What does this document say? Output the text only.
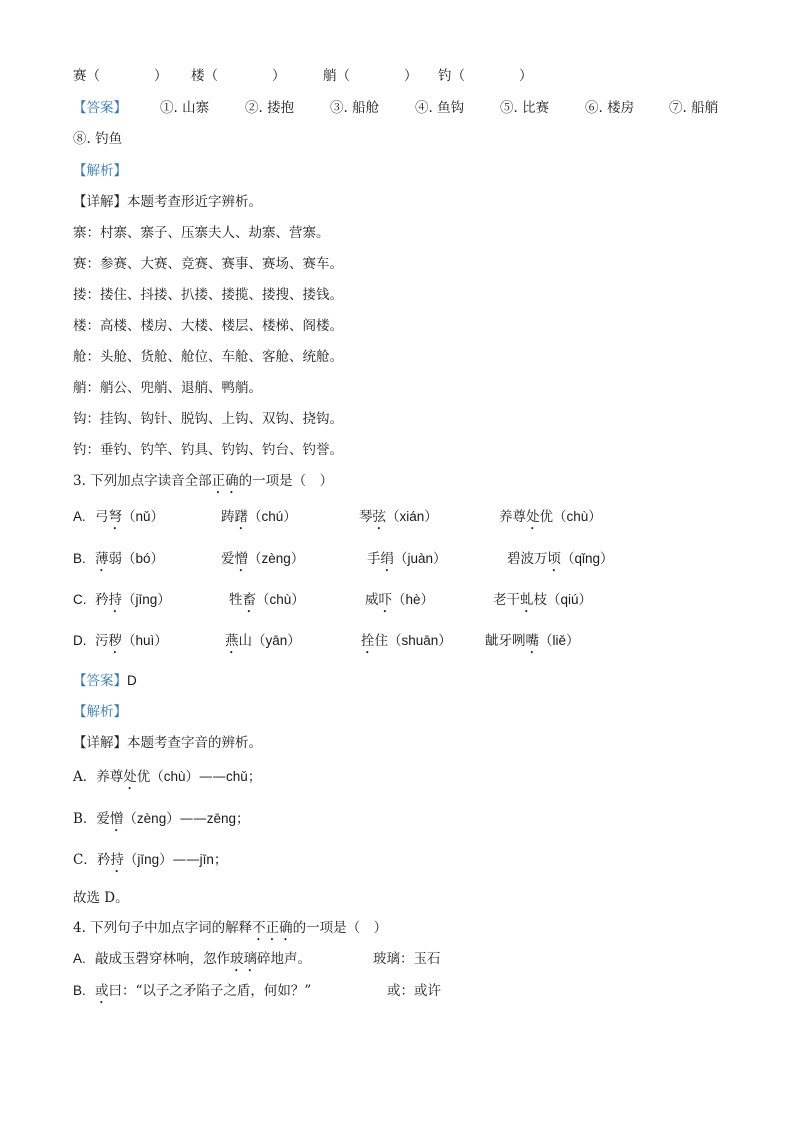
赛（　　　　） 楼（　　　　）	艄（　　　　） 钓（　　　　）
【答案】 ①. 山寨	②. 搂抱	③. 船舱	④. 鱼钩	⑤. 比赛	⑥. 楼房	⑦. 船艄
⑧. 钓鱼
【解析】
【详解】本题考查形近字辨析。
寨：村寨、寨子、压寨夫人、劫寨、营寨。
赛：参赛、大赛、竞赛、赛事、赛场、赛车。
搂：搂住、抖搂、扒搂、搂揽、搂搜、搂钱。
楼：高楼、楼房、大楼、楼层、楼梯、阁楼。
舱：头舱、货舱、舱位、车舱、客舱、统舱。
艄：艄公、兜艄、退艄、鸭艄。
钩：挂钩、钩针、脱钩、上钩、双钩、挠钩。
钓：垂钓、钓竿、钓具、钓钩、钓台、钓誉。
3. 下列加点字读音全部正确的一项是（　）
A. 弓弩（nǔ）	踌躇（chú）	琴弦（xián）	养尊处优（chù）
B. 薄弱（bó）	爱憎（zèng）	手绢（juàn）	碧波万顷（qǐng）
C. 矜持（jīng）	牲畜（chù）	威吓（hè）	老干虬枝（qiú）
D. 污秽（huì）	燕山（yān）	拴住（shuān） 龇牙咧嘴（liě）
【答案】D
【解析】
【详解】本题考查字音的辨析。
A．养尊处优（chù）——chǔ；
B．爱憎（zèng）——zēng；
C．矜持（jīng）——jīn；
故选 D。
4. 下列句子中加点字词的解释不正确的一项是（　）
A. 敲成玉磬穿林响，忽作玻璃碎地声。	玻璃：玉石
B. 或曰：“以子之矛陷子之盾，何如？”	或：或许
